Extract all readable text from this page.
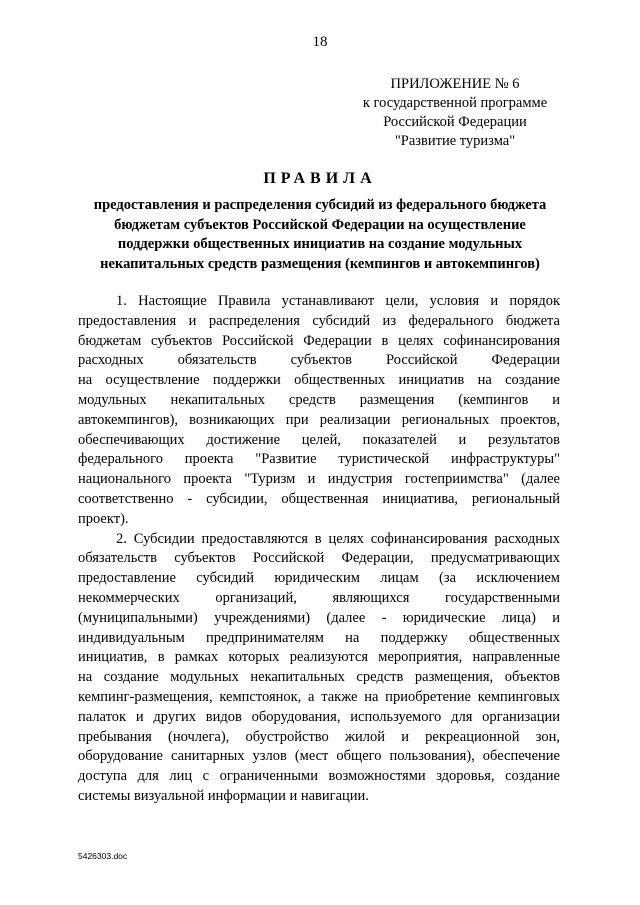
18
ПРИЛОЖЕНИЕ № 6
к государственной программе
Российской Федерации
"Развитие туризма"
ПРАВИЛА
предоставления и распределения субсидий из федерального бюджета
бюджетам субъектов Российской Федерации на осуществление
поддержки общественных инициатив на создание модульных
некапитальных средств размещения (кемпингов и автокемпингов)
1. Настоящие Правила устанавливают цели, условия и порядок
предоставления и распределения субсидий из федерального бюджета
бюджетам субъектов Российской Федерации в целях софинансирования
расходных обязательств субъектов Российской Федерации
на осуществление поддержки общественных инициатив на создание
модульных некапитальных средств размещения (кемпингов и
автокемпингов), возникающих при реализации региональных проектов,
обеспечивающих достижение целей, показателей и результатов
федерального проекта "Развитие туристической инфраструктуры"
национального проекта "Туризм и индустрия гостеприимства" (далее
соответственно - субсидии, общественная инициатива, региональный
проект).
2. Субсидии предоставляются в целях софинансирования расходных
обязательств субъектов Российской Федерации, предусматривающих
предоставление субсидий юридическим лицам (за исключением
некоммерческих организаций, являющихся государственными
(муниципальными) учреждениями) (далее - юридические лица) и
индивидуальным предпринимателям на поддержку общественных
инициатив, в рамках которых реализуются мероприятия, направленные
на создание модульных некапитальных средств размещения, объектов
кемпинг-размещения, кемпстоянок, а также на приобретение кемпинговых
палаток и других видов оборудования, используемого для организации
пребывания (ночлега), обустройство жилой и рекреационной зон,
оборудование санитарных узлов (мест общего пользования), обеспечение
доступа для лиц с ограниченными возможностями здоровья, создание
системы визуальной информации и навигации.
5426303.doc
